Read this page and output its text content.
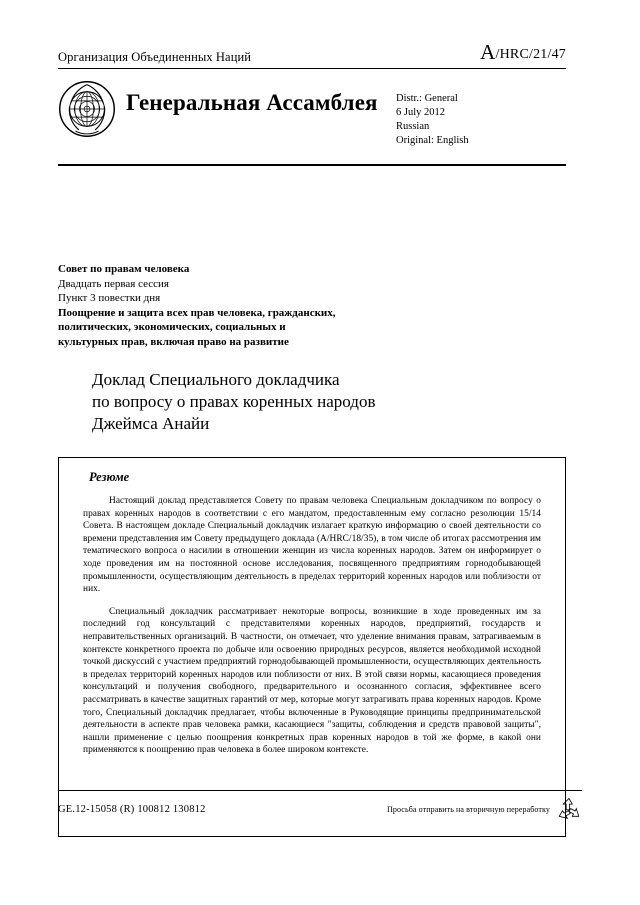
Организация Объединенных Наций	A/HRC/21/47
Генеральная Ассамблея	Distr.: General
6 July 2012
Russian
Original: English
Совет по правам человека
Двадцать первая сессия
Пункт 3 повестки дня
Поощрение и защита всех прав человека, гражданских,
политических, экономических, социальных и
культурных прав, включая право на развитие
Доклад Специального докладчика
по вопросу о правах коренных народов
Джеймса Анайи
Резюме

Настоящий доклад представляется Совету по правам человека Специальным докладчиком по вопросу о правах коренных народов в соответствии с его мандатом, предоставленным ему согласно резолюции 15/14 Совета. В настоящем докладе Специальный докладчик излагает краткую информацию о своей деятельности со времени представления им Совету предыдущего доклада (A/HRC/18/35), в том числе об итогах рассмотрения им тематического вопроса о насилии в отношении женщин из числа коренных народов. Затем он информирует о ходе проведения им на постоянной основе исследования, посвященного предприятиям горнодобывающей промышленности, осуществляющим деятельность в пределах территорий коренных народов или поблизости от них.

Специальный докладчик рассматривает некоторые вопросы, возникшие в ходе проведенных им за последний год консультаций с представителями коренных народов, предприятий, государств и неправительственных организаций. В частности, он отмечает, что уделение внимания правам, затрагиваемым в контексте конкретного проекта по добыче или освоению природных ресурсов, является необходимой исходной точкой дискуссий с участием предприятий горнодобывающей промышленности, осуществляющих деятельность в пределах территорий коренных народов или поблизости от них. В этой связи нормы, касающиеся проведения консультаций и получения свободного, предварительного и осознанного согласия, эффективнее всего рассматривать в качестве защитных гарантий от мер, которые могут затрагивать права коренных народов. Кроме того, Специальный докладчик предлагает, чтобы включенные в Руководящие принципы предпринимательской деятельности в аспекте прав человека рамки, касающиеся "защиты, соблюдения и средств правовой защиты", нашли применение с целью поощрения конкретных прав коренных народов в той же форме, в какой они применяются к поощрению прав человека в более широком контексте.

GE.12-15058 (R) 100812 130812	Просьба отправить на вторичную переработку
